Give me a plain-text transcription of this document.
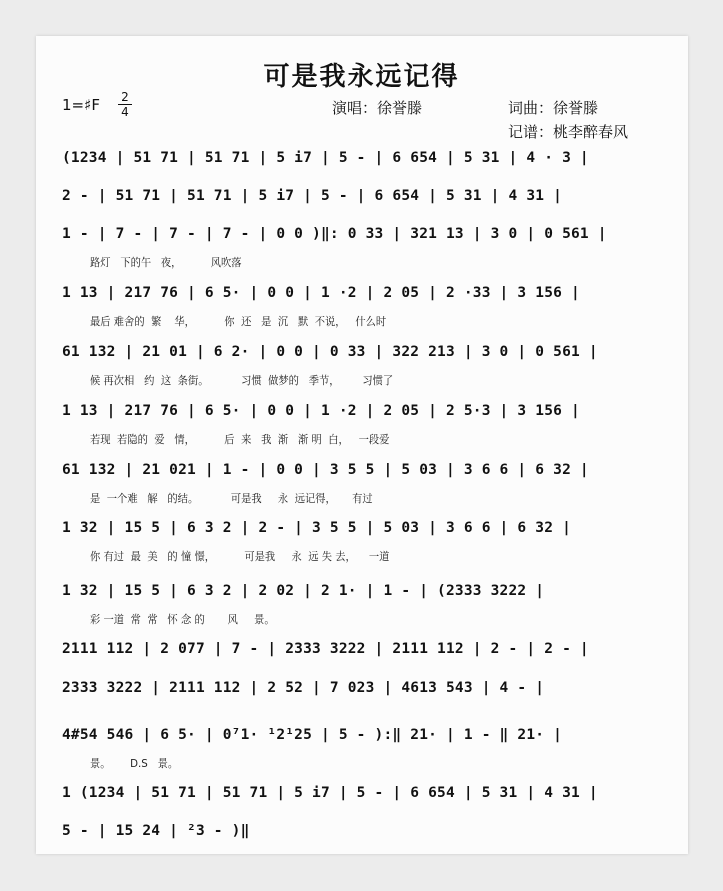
可是我永远记得
1=♯F 2
4	演唱：徐誉滕	词曲：徐誉滕
记谱：桃李醉春风
(1234 | 51 71 | 51 71 | 5 i7 | 5 - | 6 654 | 5 31 | 4 · 3 |
2 - | 51 71 | 51 71 | 5 i7 | 5 - | 6 654 | 5 31 | 4 31 |
1 - | 7 - | 7 - | 7 - | 0 0 )‖: 0 33 | 321 13 | 3 0 | 0 561 |
路灯   下的午   夜，         风吹落
1 13 | 217 76 | 6 5· | 0 0 | 1 ·2 | 2 05 | 2 ·33 | 3 156 |
最后 难舍的  繁    华，         你  还   是  沉   默  不说，   什么时
61 132 | 21 01 | 6 2· | 0 0 | 0 33 | 322 213 | 3 0 | 0 561 |
候 再次相   约  这  条街。          习惯  做梦的   季节，       习惯了
1 13 | 217 76 | 6 5· | 0 0 | 1 ·2 | 2 05 | 2 5·3 | 3 156 |
若现  若隐的  爱   情，         后  来   我  渐   渐 明  白，   一段爱
61 132 | 21 021 | 1 - | 0 0 | 3 5 5 | 5 03 | 3 6 6 | 6 32 |
是  一个难   解   的结。          可是我     永  远记得，     有过
1 32 | 15 5 | 6 3 2 | 2 - | 3 5 5 | 5 03 | 3 6 6 | 6 32 |
你 有过  最  美   的 憧 憬，         可是我     永  远 失 去，    一道
1 32 | 15 5 | 6 3 2 | 2 02 | 2 1· | 1 - | (2333 3222 |
彩 一道  常  常   怀 念 的       风     景。
2111 112 | 2 077 | 7 - | 2333 3222 | 2111 112 | 2 - | 2 - |
2333 3222 | 2111 112 | 2 52 | 7 023 | 4613 543 | 4 - |
4#54 546 | 6 5· | 0⁷1· ¹2¹25 | 5 - ):‖ 21· | 1 - ‖ 21· |
景。      D.S   景。
1 (1234 | 51 71 | 51 71 | 5 i7 | 5 - | 6 654 | 5 31 | 4 31 |
5 - | 15 24 | ²3 - )‖
